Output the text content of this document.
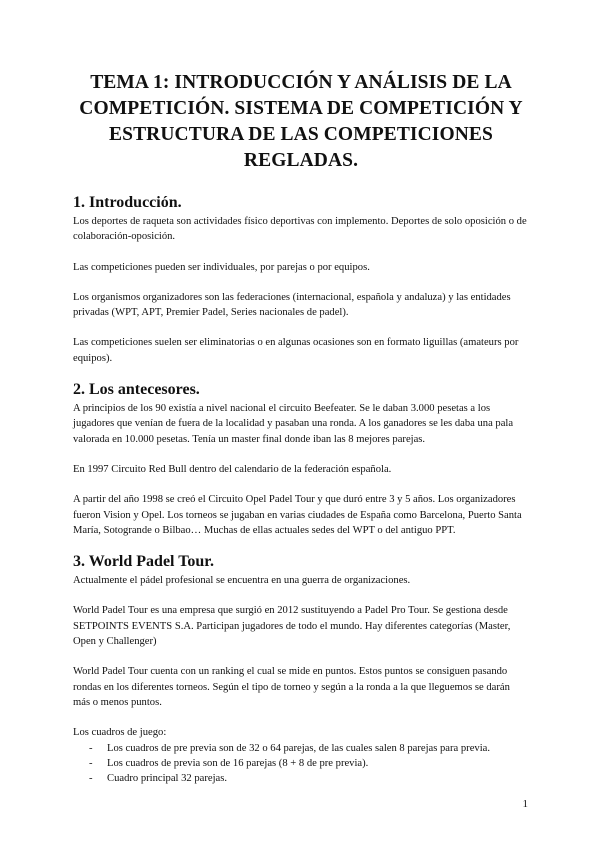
TEMA 1: INTRODUCCIÓN Y ANÁLISIS DE LA COMPETICIÓN. SISTEMA DE COMPETICIÓN Y ESTRUCTURA DE LAS COMPETICIONES REGLADAS.
1. Introducción.

Los deportes de raqueta son actividades físico deportivas con implemento. Deportes de solo oposición o de colaboración-oposición.

Las competiciones pueden ser individuales, por parejas o por equipos.

Los organismos organizadores son las federaciones (internacional, española y andaluza) y las entidades privadas (WPT, APT, Premier Padel, Series nacionales de padel).

Las competiciones suelen ser eliminatorias o en algunas ocasiones son en formato liguillas (amateurs por equipos).

2. Los antecesores.

A principios de los 90 existía a nivel nacional el circuito Beefeater. Se le daban 3.000 pesetas a los jugadores que venían de fuera de la localidad y pasaban una ronda. A los ganadores se les daba una pala valorada en 10.000 pesetas. Tenía un master final donde iban las 8 mejores parejas.

En 1997 Circuito Red Bull dentro del calendario de la federación española.

A partir del año 1998 se creó el Circuito Opel Padel Tour y que duró entre 3 y 5 años. Los organizadores fueron Vision y Opel. Los torneos se jugaban en varias ciudades de España como Barcelona, Puerto Santa María, Sotogrande o Bilbao… Muchas de ellas actuales sedes del WPT o del antiguo PPT.

3. World Padel Tour.

Actualmente el pádel profesional se encuentra en una guerra de organizaciones.

World Padel Tour es una empresa que surgió en 2012 sustituyendo a Padel Pro Tour. Se gestiona desde SETPOINTS EVENTS S.A. Participan jugadores de todo el mundo. Hay diferentes categorías (Master, Open y Challenger)

World Padel Tour cuenta con un ranking el cual se mide en puntos. Estos puntos se consiguen pasando rondas en los diferentes torneos. Según el tipo de torneo y según a la ronda a la que lleguemos se darán más o menos puntos.

Los cuadros de juego:

- Los cuadros de pre previa son de 32 o 64 parejas, de las cuales salen 8 parejas para previa.
- Los cuadros de previa son de 16 parejas (8 + 8 de pre previa).
- Cuadro principal 32 parejas.
1
